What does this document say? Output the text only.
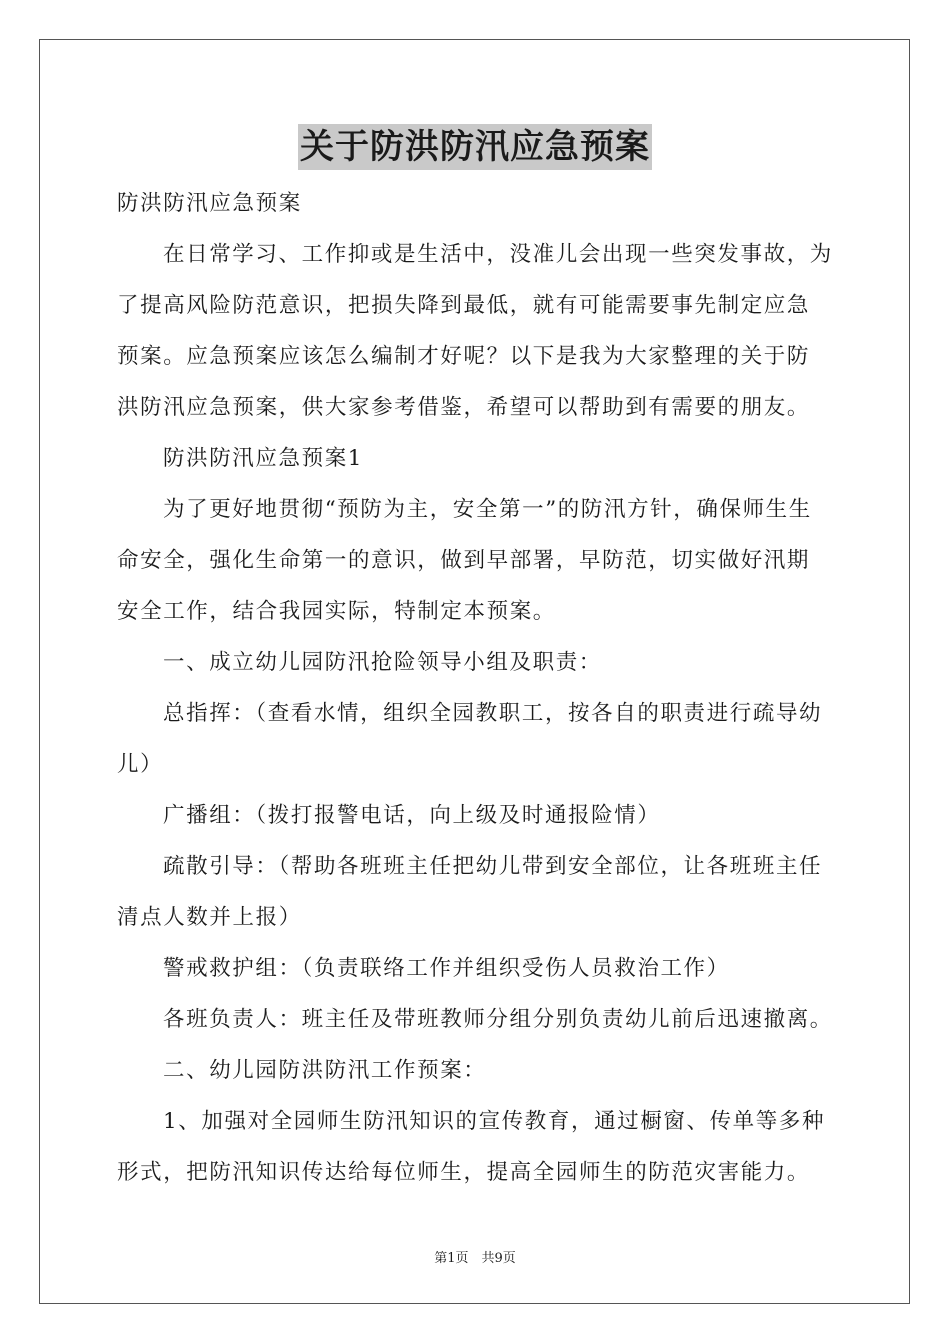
关于防洪防汛应急预案

防洪防汛应急预案

在日常学习、工作抑或是生活中，没准儿会出现一些突发事故，为了提高风险防范意识，把损失降到最低，就有可能需要事先制定应急预案。应急预案应该怎么编制才好呢？以下是我为大家整理的关于防洪防汛应急预案，供大家参考借鉴，希望可以帮助到有需要的朋友。

防洪防汛应急预案1

为了更好地贯彻“预防为主，安全第一”的防汛方针，确保师生生命安全，强化生命第一的意识，做到早部署，早防范，切实做好汛期安全工作，结合我园实际，特制定本预案。

一、成立幼儿园防汛抢险领导小组及职责：

总指挥：（查看水情，组织全园教职工，按各自的职责进行疏导幼儿）

广播组：（拨打报警电话，向上级及时通报险情）

疏散引导：（帮助各班班主任把幼儿带到安全部位，让各班班主任清点人数并上报）

警戒救护组：（负责联络工作并组织受伤人员救治工作）

各班负责人：班主任及带班教师分组分别负责幼儿前后迅速撤离。

二、幼儿园防洪防汛工作预案：

1、加强对全园师生防汛知识的宣传教育，通过橱窗、传单等多种形式，把防汛知识传达给每位师生，提高全园师生的防范灾害能力。

第1页　共9页
